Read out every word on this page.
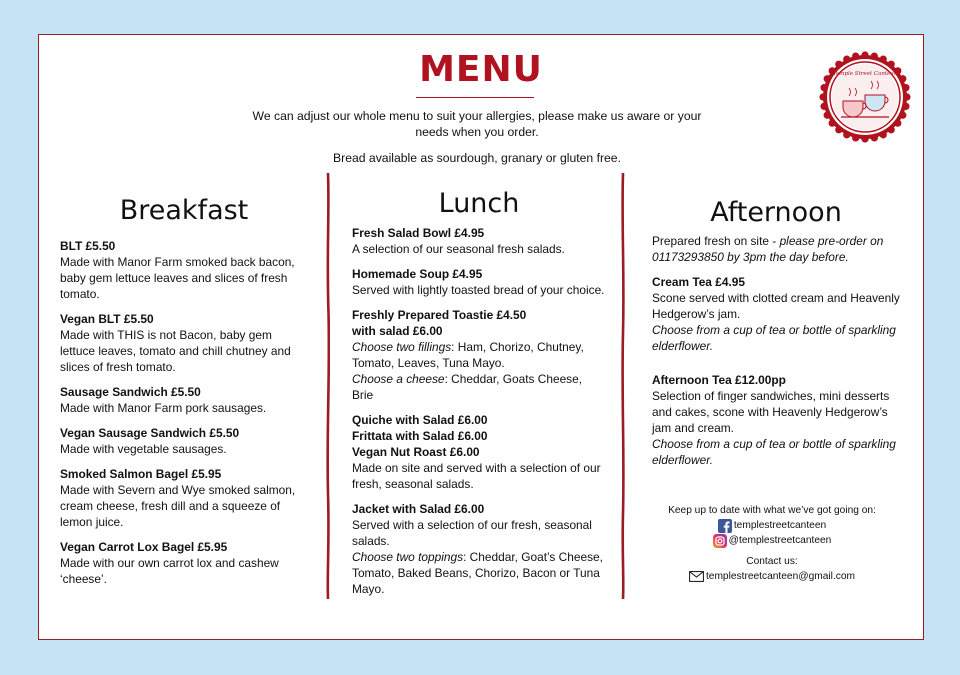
MENU
We can adjust our whole menu to suit your allergies, please make us aware or your needs when you order.
Bread available as sourdough, granary or gluten free.
Temple Street Canteen
Breakfast
BLT £5.50
Made with Manor Farm smoked back bacon, baby gem lettuce leaves and slices of fresh tomato.
Vegan BLT £5.50
Made with THIS is not Bacon, baby gem lettuce leaves, tomato and chill chutney and slices of fresh tomato.
Sausage Sandwich £5.50
Made with Manor Farm pork sausages.
Vegan Sausage Sandwich £5.50
Made with vegetable sausages.
Smoked Salmon Bagel £5.95
Made with Severn and Wye smoked salmon, cream cheese, fresh dill and a squeeze of lemon juice.
Vegan Carrot Lox Bagel £5.95
Made with our own carrot lox and cashew ‘cheese’.
Lunch
Fresh Salad Bowl £4.95
A selection of our seasonal fresh salads.
Homemade Soup £4.95
Served with lightly toasted bread of your choice.
Freshly Prepared Toastie £4.50
with salad £6.00
Choose two fillings: Ham, Chorizo, Chutney, Tomato, Leaves, Tuna Mayo.
Choose a cheese: Cheddar, Goats Cheese, Brie
Quiche with Salad £6.00
Frittata with Salad £6.00
Vegan Nut Roast £6.00
Made on site and served with a selection of our fresh, seasonal salads.
Jacket with Salad £6.00
Served with a selection of our fresh, seasonal salads.
Choose two toppings: Cheddar, Goat’s Cheese, Tomato, Baked Beans, Chorizo, Bacon or Tuna Mayo.
Afternoon
Prepared fresh on site - please pre-order on 01173293850 by 3pm the day before.
Cream Tea £4.95
Scone served with clotted cream and Heavenly Hedgerow’s jam.
Choose from a cup of tea or bottle of sparkling elderflower.
Afternoon Tea £12.00pp
Selection of finger sandwiches, mini desserts and cakes, scone with Heavenly Hedgerow’s jam and cream.
Choose from a cup of tea or bottle of sparkling elderflower.
Keep up to date with what we’ve got going on:
templestreetcanteen
@templestreetcanteen
Contact us:
templestreetcanteen@gmail.com
